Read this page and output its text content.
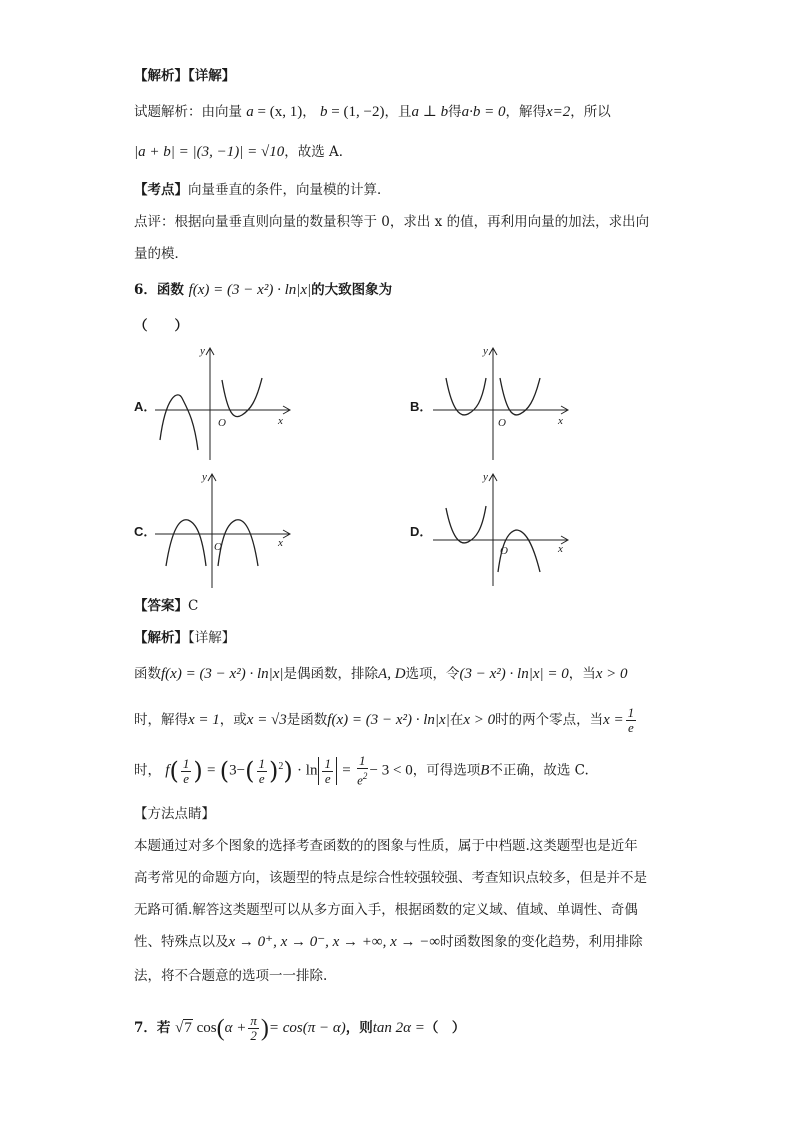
【解析】【详解】
试题解析：由向量 a = (x, 1)， b = (1, −2)，且a ⊥ b得a·b = 0，解得x=2，所以
|a + b| = |(3, −1)| = √10，故选 A．
【考点】向量垂直的条件，向量模的计算．
点评：根据向量垂直则向量的数量积等于 0，求出 x 的值，再利用向量的加法，求出向
量的模．
6．函数 f(x) = (3 − x²) · ln|x|的大致图象为
（　　）
A．
y
x
O
B．
y
x
O
C．
y
x
O
D．
y
x
O
【答案】C
【解析】【详解】
函数f(x) = (3 − x²) · ln|x|是偶函数，排除A, D选项，令(3 − x²) · ln|x| = 0，当x > 0
时，解得x = 1，或x = √3是函数f(x) = (3 − x²) · ln|x|在x > 0时的两个零点，当$x = \frac{1}{e}$
时， $f( \frac{1}{e}$ ) = $(3-( \frac{1}{e} )^2) \cdot \ln \frac{1}{e} = \frac{1}{e^2} - 3 < 0$，可得选项B不正确，故选 C.
【方法点睛】
本题通过对多个图象的选择考查函数的的图象与性质，属于中档题.这类题型也是近年
高考常见的命题方向，该题型的特点是综合性较强较强、考查知识点较多，但是并不是
无路可循.解答这类题型可以从多方面入手，根据函数的定义域、值域、单调性、奇偶
性、特殊点以及x → 0⁺, x → 0⁻, x → +∞, x → −∞时函数图象的变化趋势，利用排除
法，将不合题意的选项一一排除.
7．若 √7 $\cos(\alpha + \frac{\pi}{2}$ )= cos(π − α)，则tan 2α =（　）
